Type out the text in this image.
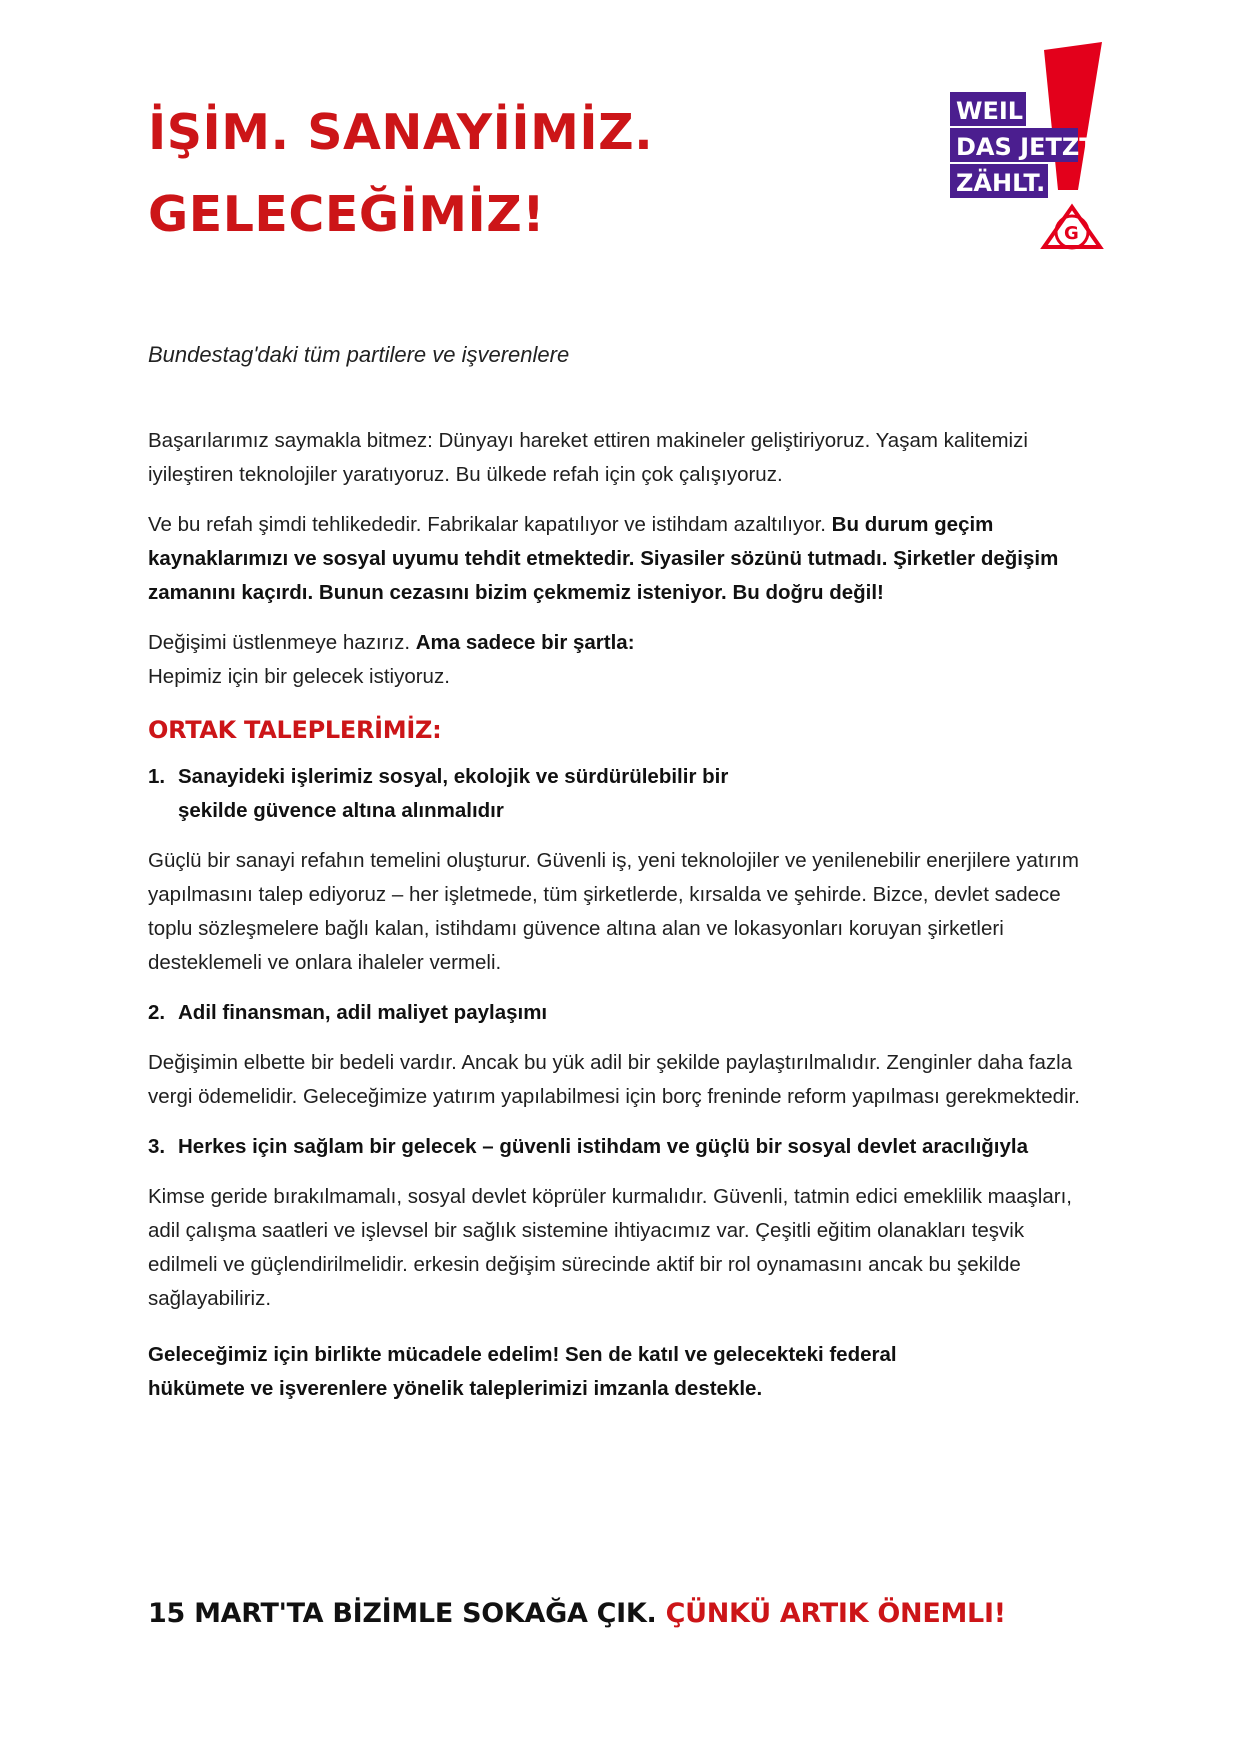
İŞİM. SANAYİİMİZ.
GELECEĞİMİZ!
WEIL
DAS JETZT
ZÄHLT.
G

Bundestag'daki tüm partilere ve işverenlere

Başarılarımız saymakla bitmez: Dünyayı hareket ettiren makineler geliştiriyoruz. Yaşam kalitemizi iyileştiren teknolojiler yaratıyoruz. Bu ülkede refah için çok çalışıyoruz.

Ve bu refah şimdi tehlikededir. Fabrikalar kapatılıyor ve istihdam azaltılıyor. Bu durum geçim kaynaklarımızı ve sosyal uyumu tehdit etmektedir. Siyasiler sözünü tutmadı. Şirketler değişim zamanını kaçırdı. Bunun cezasını bizim çekmemiz isteniyor. Bu doğru değil!

Değişimi üstlenmeye hazırız. Ama sadece bir şartla:
Hepimiz için bir gelecek istiyoruz.

ORTAK TALEPLERİMİZ:
1. Sanayideki işlerimiz sosyal, ekolojik ve sürdürülebilir bir şekilde güvence altına alınmalıdır

Güçlü bir sanayi refahın temelini oluşturur. Güvenli iş, yeni teknolojiler ve yenilenebilir enerjilere yatırım yapılmasını talep ediyoruz – her işletmede, tüm şirketlerde, kırsalda ve şehirde. Bizce, devlet sadece toplu sözleşmelere bağlı kalan, istihdamı güvence altına alan ve lokasyonları koruyan şirketleri desteklemeli ve onlara ihaleler vermeli.

2. Adil finansman, adil maliyet paylaşımı

Değişimin elbette bir bedeli vardır. Ancak bu yük adil bir şekilde paylaştırılmalıdır. Zenginler daha fazla vergi ödemelidir. Geleceğimize yatırım yapılabilmesi için borç freninde reform yapılması gerekmektedir.

3. Herkes için sağlam bir gelecek – güvenli istihdam ve güçlü bir sosyal devlet aracılığıyla

Kimse geride bırakılmamalı, sosyal devlet köprüler kurmalıdır. Güvenli, tatmin edici emeklilik maaşları, adil çalışma saatleri ve işlevsel bir sağlık sistemine ihtiyacımız var. Çeşitli eğitim olanakları teşvik edilmeli ve güçlendirilmelidir. erkesin değişim sürecinde aktif bir rol oynamasını ancak bu şekilde sağlayabiliriz.

Geleceğimiz için birlikte mücadele edelim! Sen de katıl ve gelecekteki federal hükümete ve işverenlere yönelik taleplerimizi imzanla destekle.

15 MART'TA BİZİMLE SOKAĞA ÇIK. ÇÜNKÜ ARTIK ÖNEMLI!
